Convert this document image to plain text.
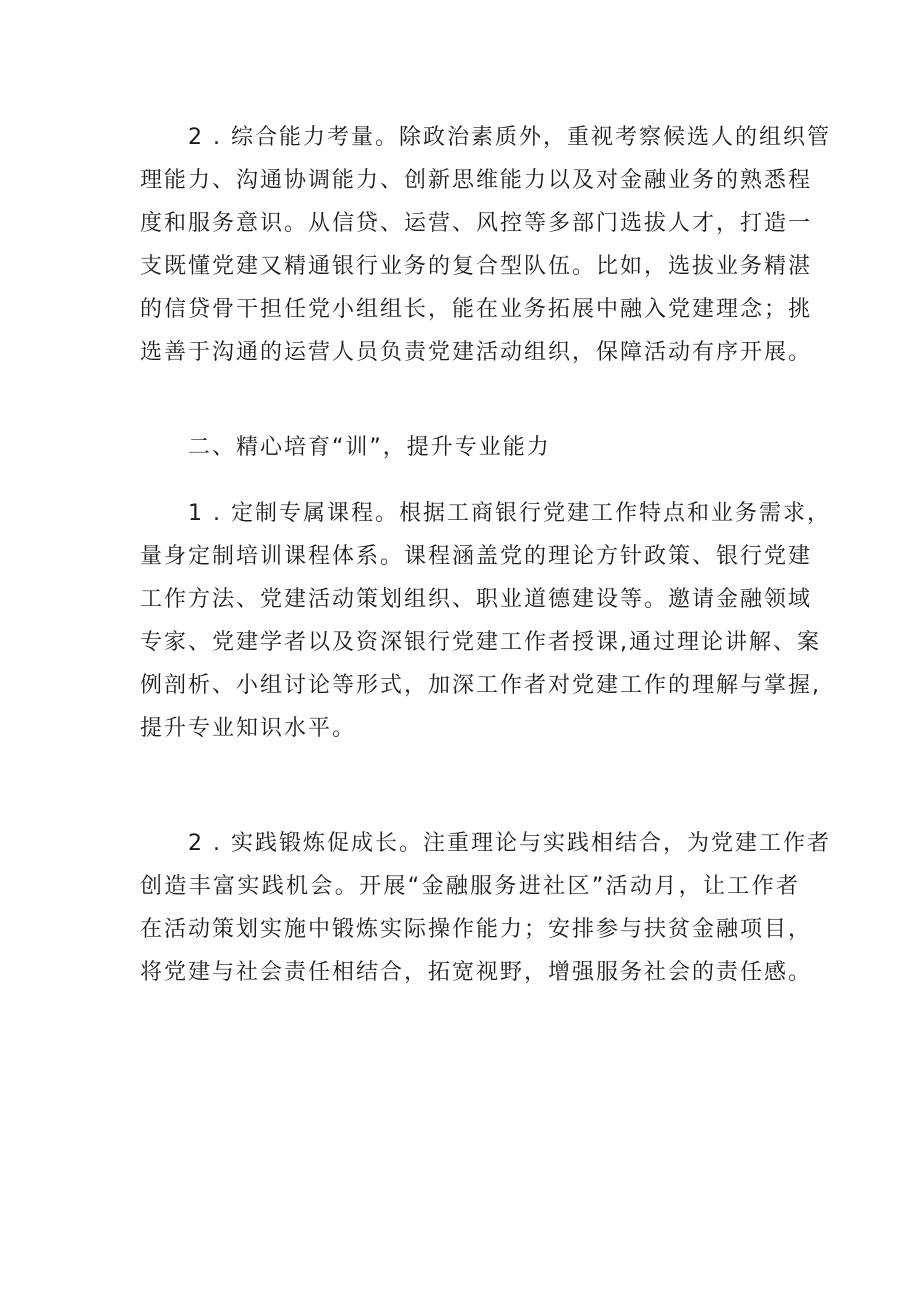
2 . 综合能力考量。除政治素质外，重视考察候选人的组织管
理能力、沟通协调能力、创新思维能力以及对金融业务的熟悉程
度和服务意识。从信贷、运营、风控等多部门选拔人才，打造一
支既懂党建又精通银行业务的复合型队伍。比如，选拔业务精湛
的信贷骨干担任党小组组长，能在业务拓展中融入党建理念；挑
选善于沟通的运营人员负责党建活动组织，保障活动有序开展。
二、精心培育“训”，提升专业能力
1 . 定制专属课程。根据工商银行党建工作特点和业务需求，
量身定制培训课程体系。课程涵盖党的理论方针政策、银行党建
工作方法、党建活动策划组织、职业道德建设等。邀请金融领域
专家、党建学者以及资深银行党建工作者授课,通过理论讲解、案
例剖析、小组讨论等形式，加深工作者对党建工作的理解与掌握,
提升专业知识水平。
2 . 实践锻炼促成长。注重理论与实践相结合，为党建工作者
创造丰富实践机会。开展“金融服务进社区”活动月，让工作者
在活动策划实施中锻炼实际操作能力；安排参与扶贫金融项目，
将党建与社会责任相结合，拓宽视野，增强服务社会的责任感。
